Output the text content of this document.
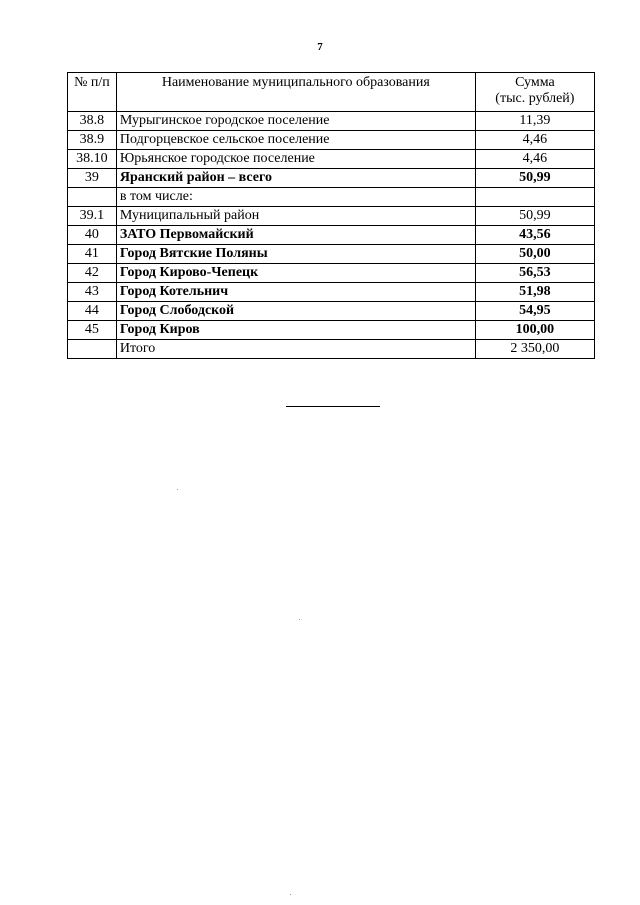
7
№ п/п	Наименование муниципального образования	Сумма
(тыс. рублей)
38.8	Мурыгинское городское поселение	11,39
38.9	Подгорцевское сельское поселение	4,46
38.10	Юрьянское городское поселение	4,46
39	Яранский район – всего	50,99
	в том числе:	
39.1	Муниципальный район	50,99
40	ЗАТО Первомайский	43,56
41	Город Вятские Поляны	50,00
42	Город Кирово-Чепецк	56,53
43	Город Котельнич	51,98
44	Город Слободской	54,95
45	Город Киров	100,00
	Итого	2 350,00
